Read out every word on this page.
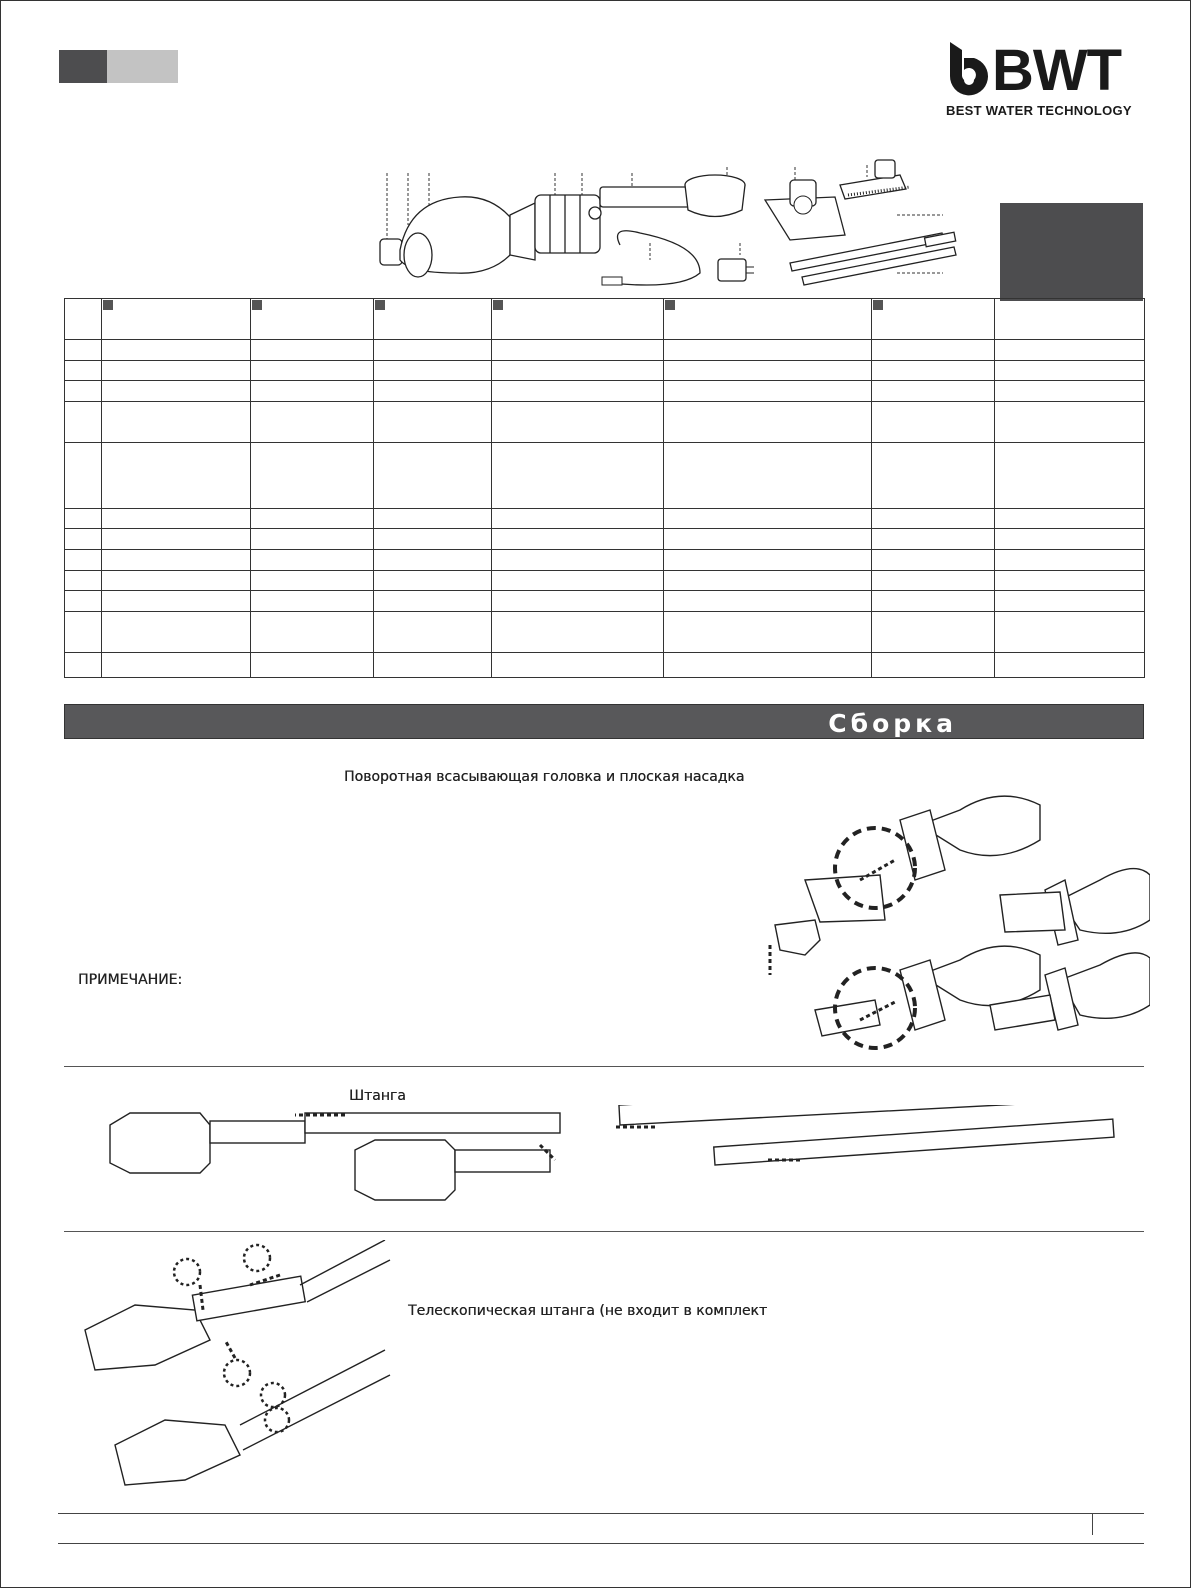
BWT
BEST WATER TECHNOLOGY

Сборка
Поворотная всасывающая головка и плоская насадка
ПРИМЕЧАНИЕ:
Штанга
Телескопическая штанга (не входит в комплект
